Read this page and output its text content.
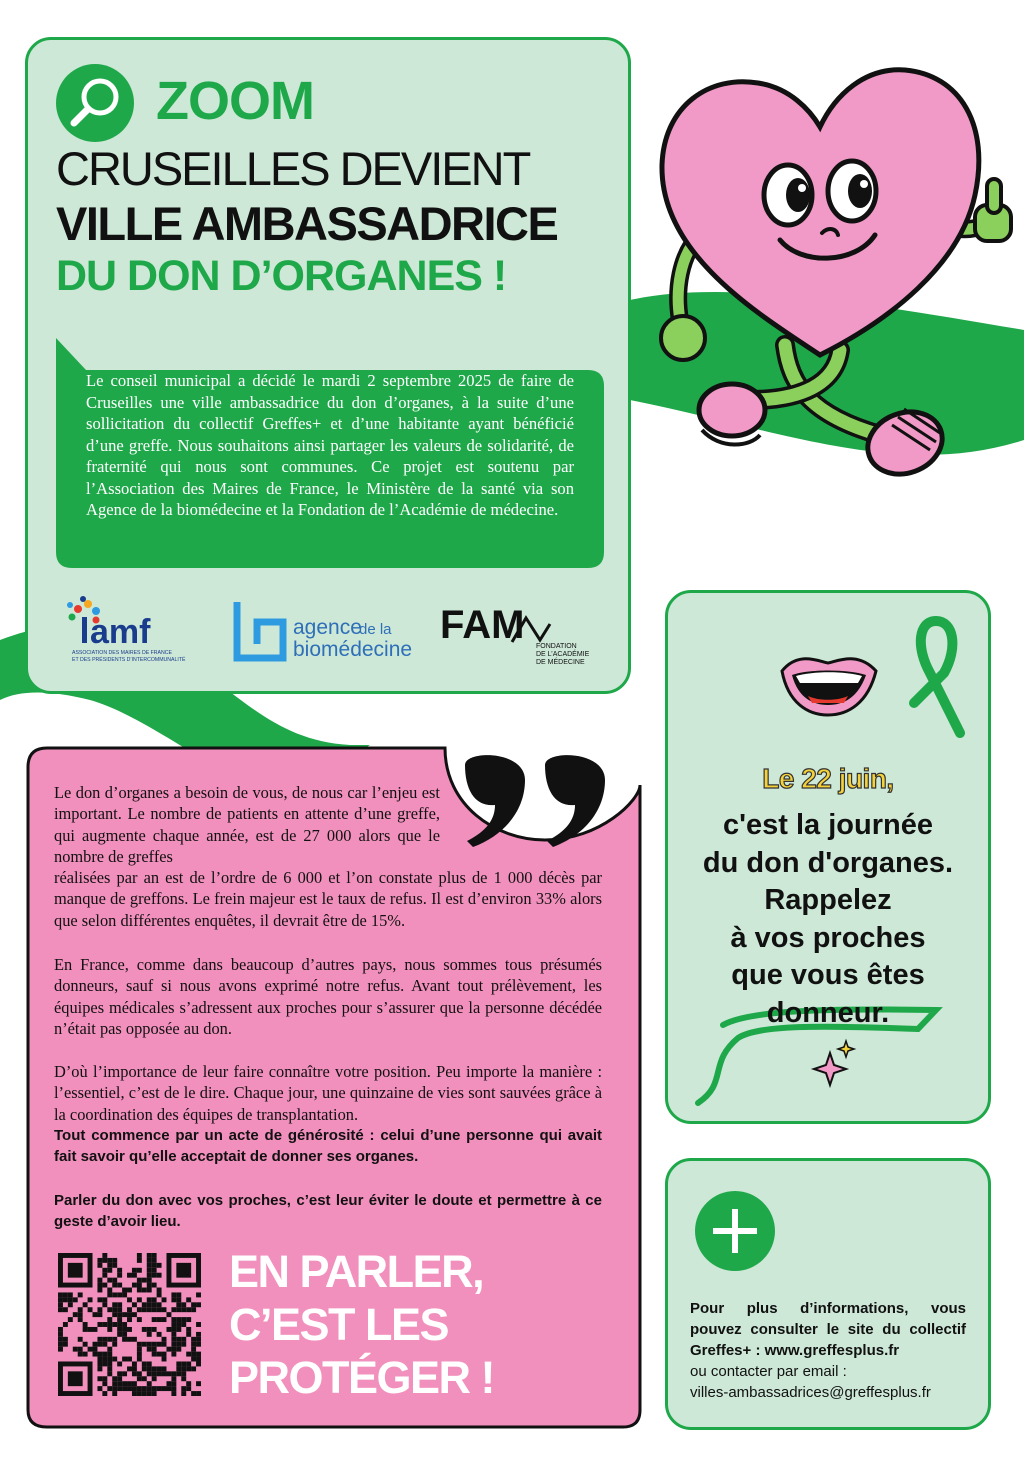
ZOOM
CRUSEILLES DEVIENT
VILLE AMBASSADRICE
DU DON D’ORGANES !
Le conseil municipal a décidé le mardi 2 septembre 2025 de faire de Cruseilles une ville ambassadrice du don d’organes, à la suite d’une sollicitation du collectif Greffes+ et d’une habitante ayant bénéficié d’une greffe. Nous souhaitons ainsi partager les valeurs de solidarité, de fraternité qui nous sont communes. Ce projet est soutenu par l’Association des Maires de France, le Ministère de la santé via son Agence de la biomédecine et la Fondation de l’Académie de médecine.
amf
ASSOCIATION DES MAIRES DE FRANCE
ET DES PRÉSIDENTS D’INTERCOMMUNALITÉ
agence
de la
biomédecine
FAM FONDATION
DE L’ACADÉMIE
DE MÉDECINE
Le don d’organes a besoin de vous, de nous car l’enjeu est important. Le nombre de patients en attente d’une greffe, qui augmente chaque année, est de 27 000 alors que le nombre de greffes
réalisées par an est de l’ordre de 6 000 et l’on constate plus de 1 000 décès par manque de greffons. Le frein majeur est le taux de refus. Il est d’environ 33% alors que selon différentes enquêtes, il devrait être de 15%.
En France, comme dans beaucoup d’autres pays, nous sommes tous présumés donneurs, sauf si nous avons exprimé notre refus. Avant tout prélèvement, les équipes médicales s’adressent aux proches pour s’assurer que la personne décédée n’était pas opposée au don.
D’où l’importance de leur faire connaître votre position. Peu importe la manière : l’essentiel, c’est de le dire. Chaque jour, une quinzaine de vies sont sauvées grâce à la coordination des équipes de transplantation.
Tout commence par un acte de générosité : celui d’une personne qui avait fait savoir qu’elle acceptait de donner ses organes.
Parler du don avec vos proches, c’est leur éviter le doute et permettre à ce geste d’avoir lieu.
EN PARLER,
C’EST LES
PROTÉGER !
Le 22 juin,
c'est la journée
du don d'organes.
Rappelez
à vos proches
que vous êtes
donneur.
Pour plus d’informations, vous pouvez consulter le site du collectif Greffes+ : www.greffesplus.fr
ou contacter par email :
villes-ambassadrices@greffesplus.fr
